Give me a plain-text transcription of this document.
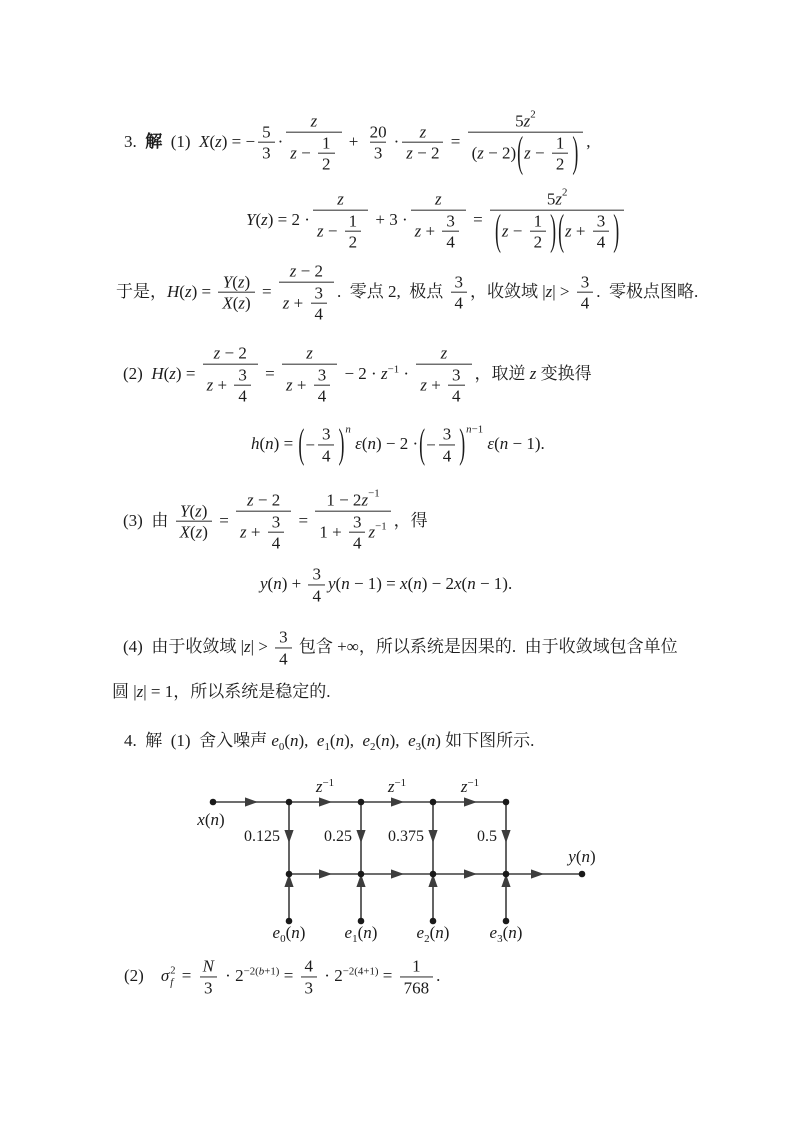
3.  解  (1)  X(z) = − $\frac{5}{3} \cdot \frac{z}{z - \frac{1}{2}} + \frac{20}{3} \cdot \frac{z}{z - 2} = \frac{5 z 2}{( z - 2 ) ( z - \frac{1}{2} )}$ ,
$Y(z) = 2 \cdot \frac{z}{z - \frac{1}{2}} + 3 \cdot \frac{z}{z + \frac{3}{4}} = \frac{5 z 2}{( z - \frac{1}{2} ) ( z + \frac{3}{4} )}$
于是，$H(z) = \frac{Y ( z )}{X ( z )} = \frac{z - 2}{z + \frac{3}{4}}$ .  零点 2,  极点 $\frac{3}{4}$ ，收敛域 $|z| > \frac{3}{4}$ .  零极点图略.
(2)  $H(z) = \frac{z - 2}{z + \frac{3}{4}} = \frac{z}{z + \frac{3}{4}} - 2 \cdot z-1 \cdot \frac{z}{z + \frac{3}{4}}$ ，取逆 z 变换得
h(n) = ( − $\frac{3}{4}$ ) n ε(n) − 2 · ( − $\frac{3}{4}$ ) n−1 ε(n − 1).
(3)  由 $\frac{Y ( z )}{X ( z )} = \frac{z - 2}{z + \frac{3}{4}} = \frac{1 - 2 z -1}{1 + \frac{3}{4} z -1}$ ，得
$y(n) + \frac{3}{4} y(n - 1) = x(n) - 2x(n - 1)$.
(4)  由于收敛域 $|z| > \frac{3}{4}$ 包含 +∞，所以系统是因果的.  由于收敛域包含单位
圆 |z| = 1，所以系统是稳定的.
4.  解  (1)  舍入噪声 e0(n),  e1(n),  e2(n),  e3(n) 如下图所示.
$z^{-1}$	$z^{-1}$	$z^{-1}$
x(n)
y(n)
0.125	0.25 0.375	0.5
$e_0(n)$ $e_1(n)$ $e_2(n)$ $e_3(n)$
(2)    σ 2
$f = \frac{N}{3} \cdot 2-2(b+1) = \frac{4}{3} \cdot 2-2(4+1) = \frac{1}{768}$ .
